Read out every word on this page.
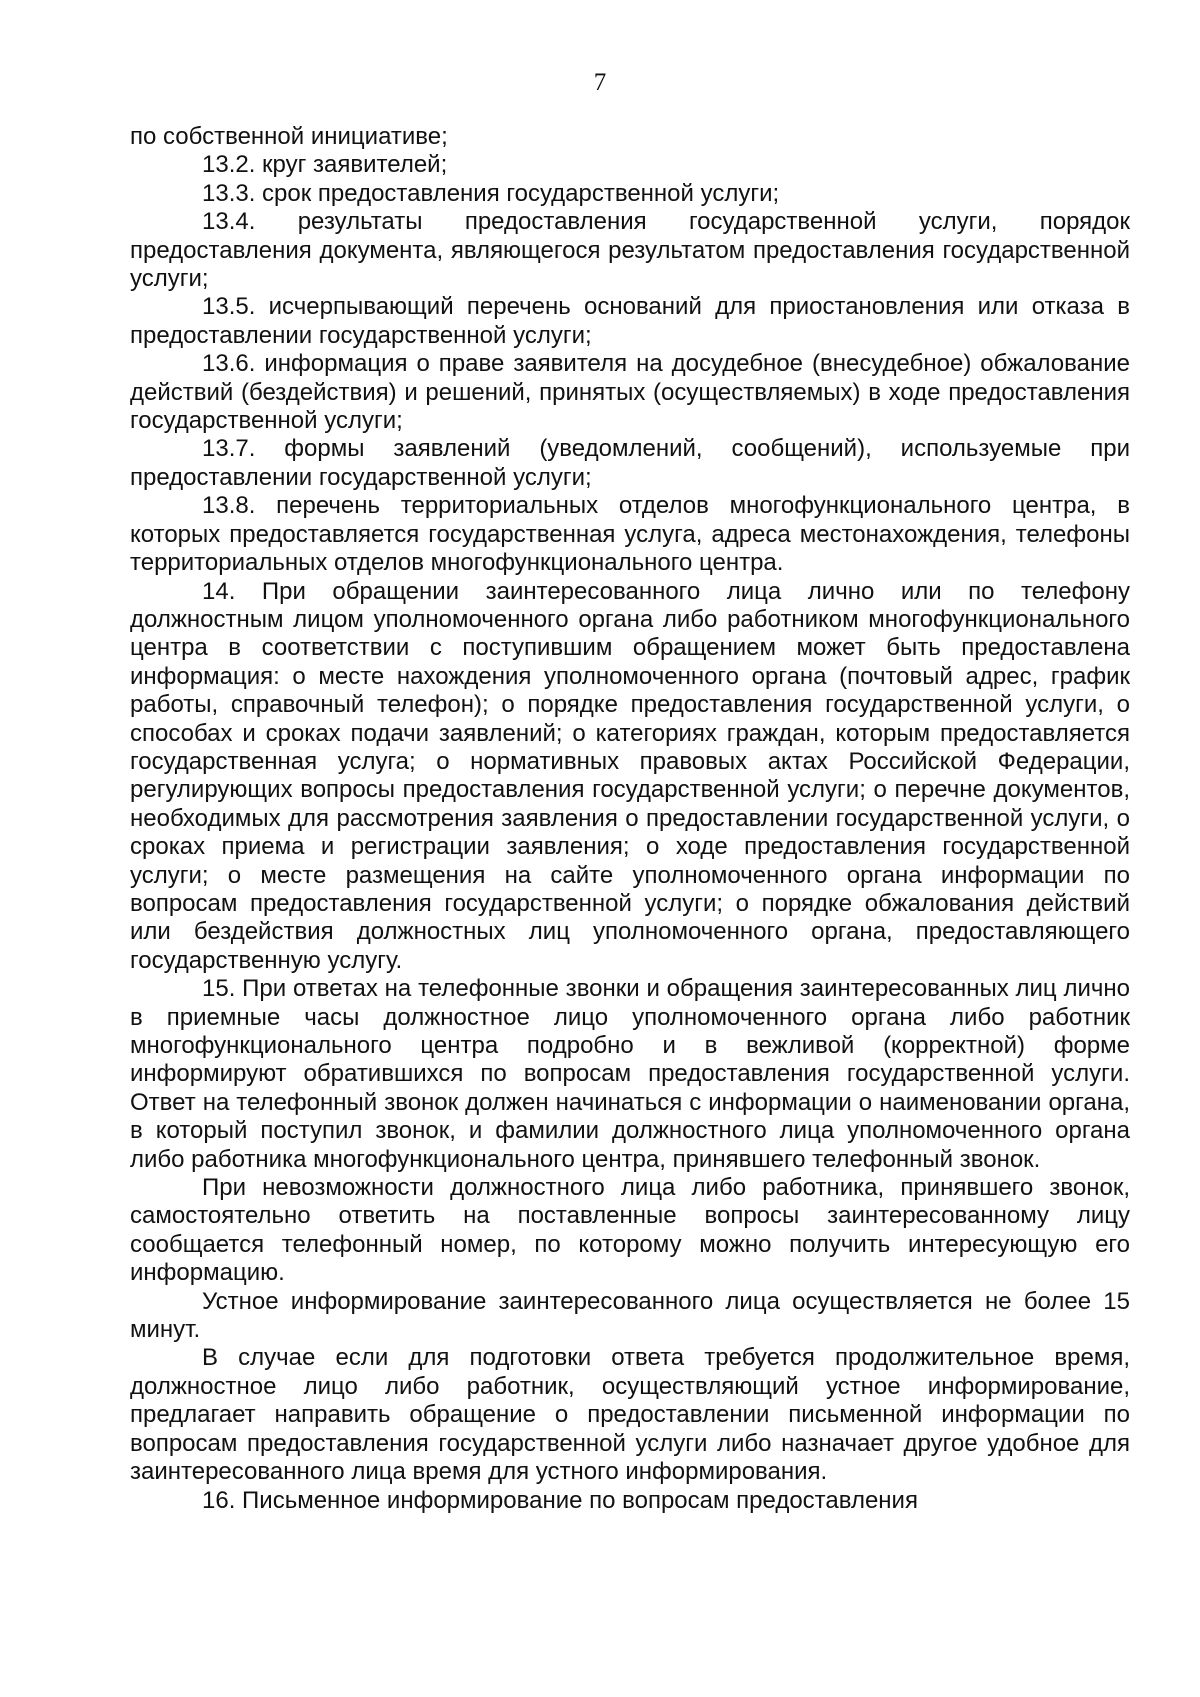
7

по собственной инициативе;

13.2. круг заявителей;

13.3. срок предоставления государственной услуги;

13.4. результаты предоставления государственной услуги, порядок предоставления документа, являющегося результатом предоставления государственной услуги;

13.5. исчерпывающий перечень оснований для приостановления или отказа в предоставлении государственной услуги;

13.6. информация о праве заявителя на досудебное (внесудебное) обжалование действий (бездействия) и решений, принятых (осуществляемых) в ходе предоставления государственной услуги;

13.7. формы заявлений (уведомлений, сообщений), используемые при предоставлении государственной услуги;

13.8. перечень территориальных отделов многофункционального центра, в которых предоставляется государственная услуга, адреса местонахождения, телефоны территориальных отделов многофункционального центра.

14. При обращении заинтересованного лица лично или по телефону должностным лицом уполномоченного органа либо работником многофункционального центра в соответствии с поступившим обращением может быть предоставлена информация: о месте нахождения уполномоченного органа (почтовый адрес, график работы, справочный телефон); о порядке предоставления государственной услуги, о способах и сроках подачи заявлений; о категориях граждан, которым предоставляется государственная услуга; о нормативных правовых актах Российской Федерации, регулирующих вопросы предоставления государственной услуги; о перечне документов, необходимых для рассмотрения заявления о предоставлении государственной услуги, о сроках приема и регистрации заявления; о ходе предоставления государственной услуги; о месте размещения на сайте уполномоченного органа информации по вопросам предоставления государственной услуги; о порядке обжалования действий или бездействия должностных лиц уполномоченного органа, предоставляющего государственную услугу.

15. При ответах на телефонные звонки и обращения заинтересованных лиц лично в приемные часы должностное лицо уполномоченного органа либо работник многофункционального центра подробно и в вежливой (корректной) форме информируют обратившихся по вопросам предоставления государственной услуги. Ответ на телефонный звонок должен начинаться с информации о наименовании органа, в который поступил звонок, и фамилии должностного лица уполномоченного органа либо работника многофункционального центра, принявшего телефонный звонок.

При невозможности должностного лица либо работника, принявшего звонок, самостоятельно ответить на поставленные вопросы заинтересованному лицу сообщается телефонный номер, по которому можно получить интересующую его информацию.

Устное информирование заинтересованного лица осуществляется не более 15 минут.

В случае если для подготовки ответа требуется продолжительное время, должностное лицо либо работник, осуществляющий устное информирование, предлагает направить обращение о предоставлении письменной информации по вопросам предоставления государственной услуги либо назначает другое удобное для заинтересованного лица время для устного информирования.

16. Письменное информирование по вопросам предоставления
